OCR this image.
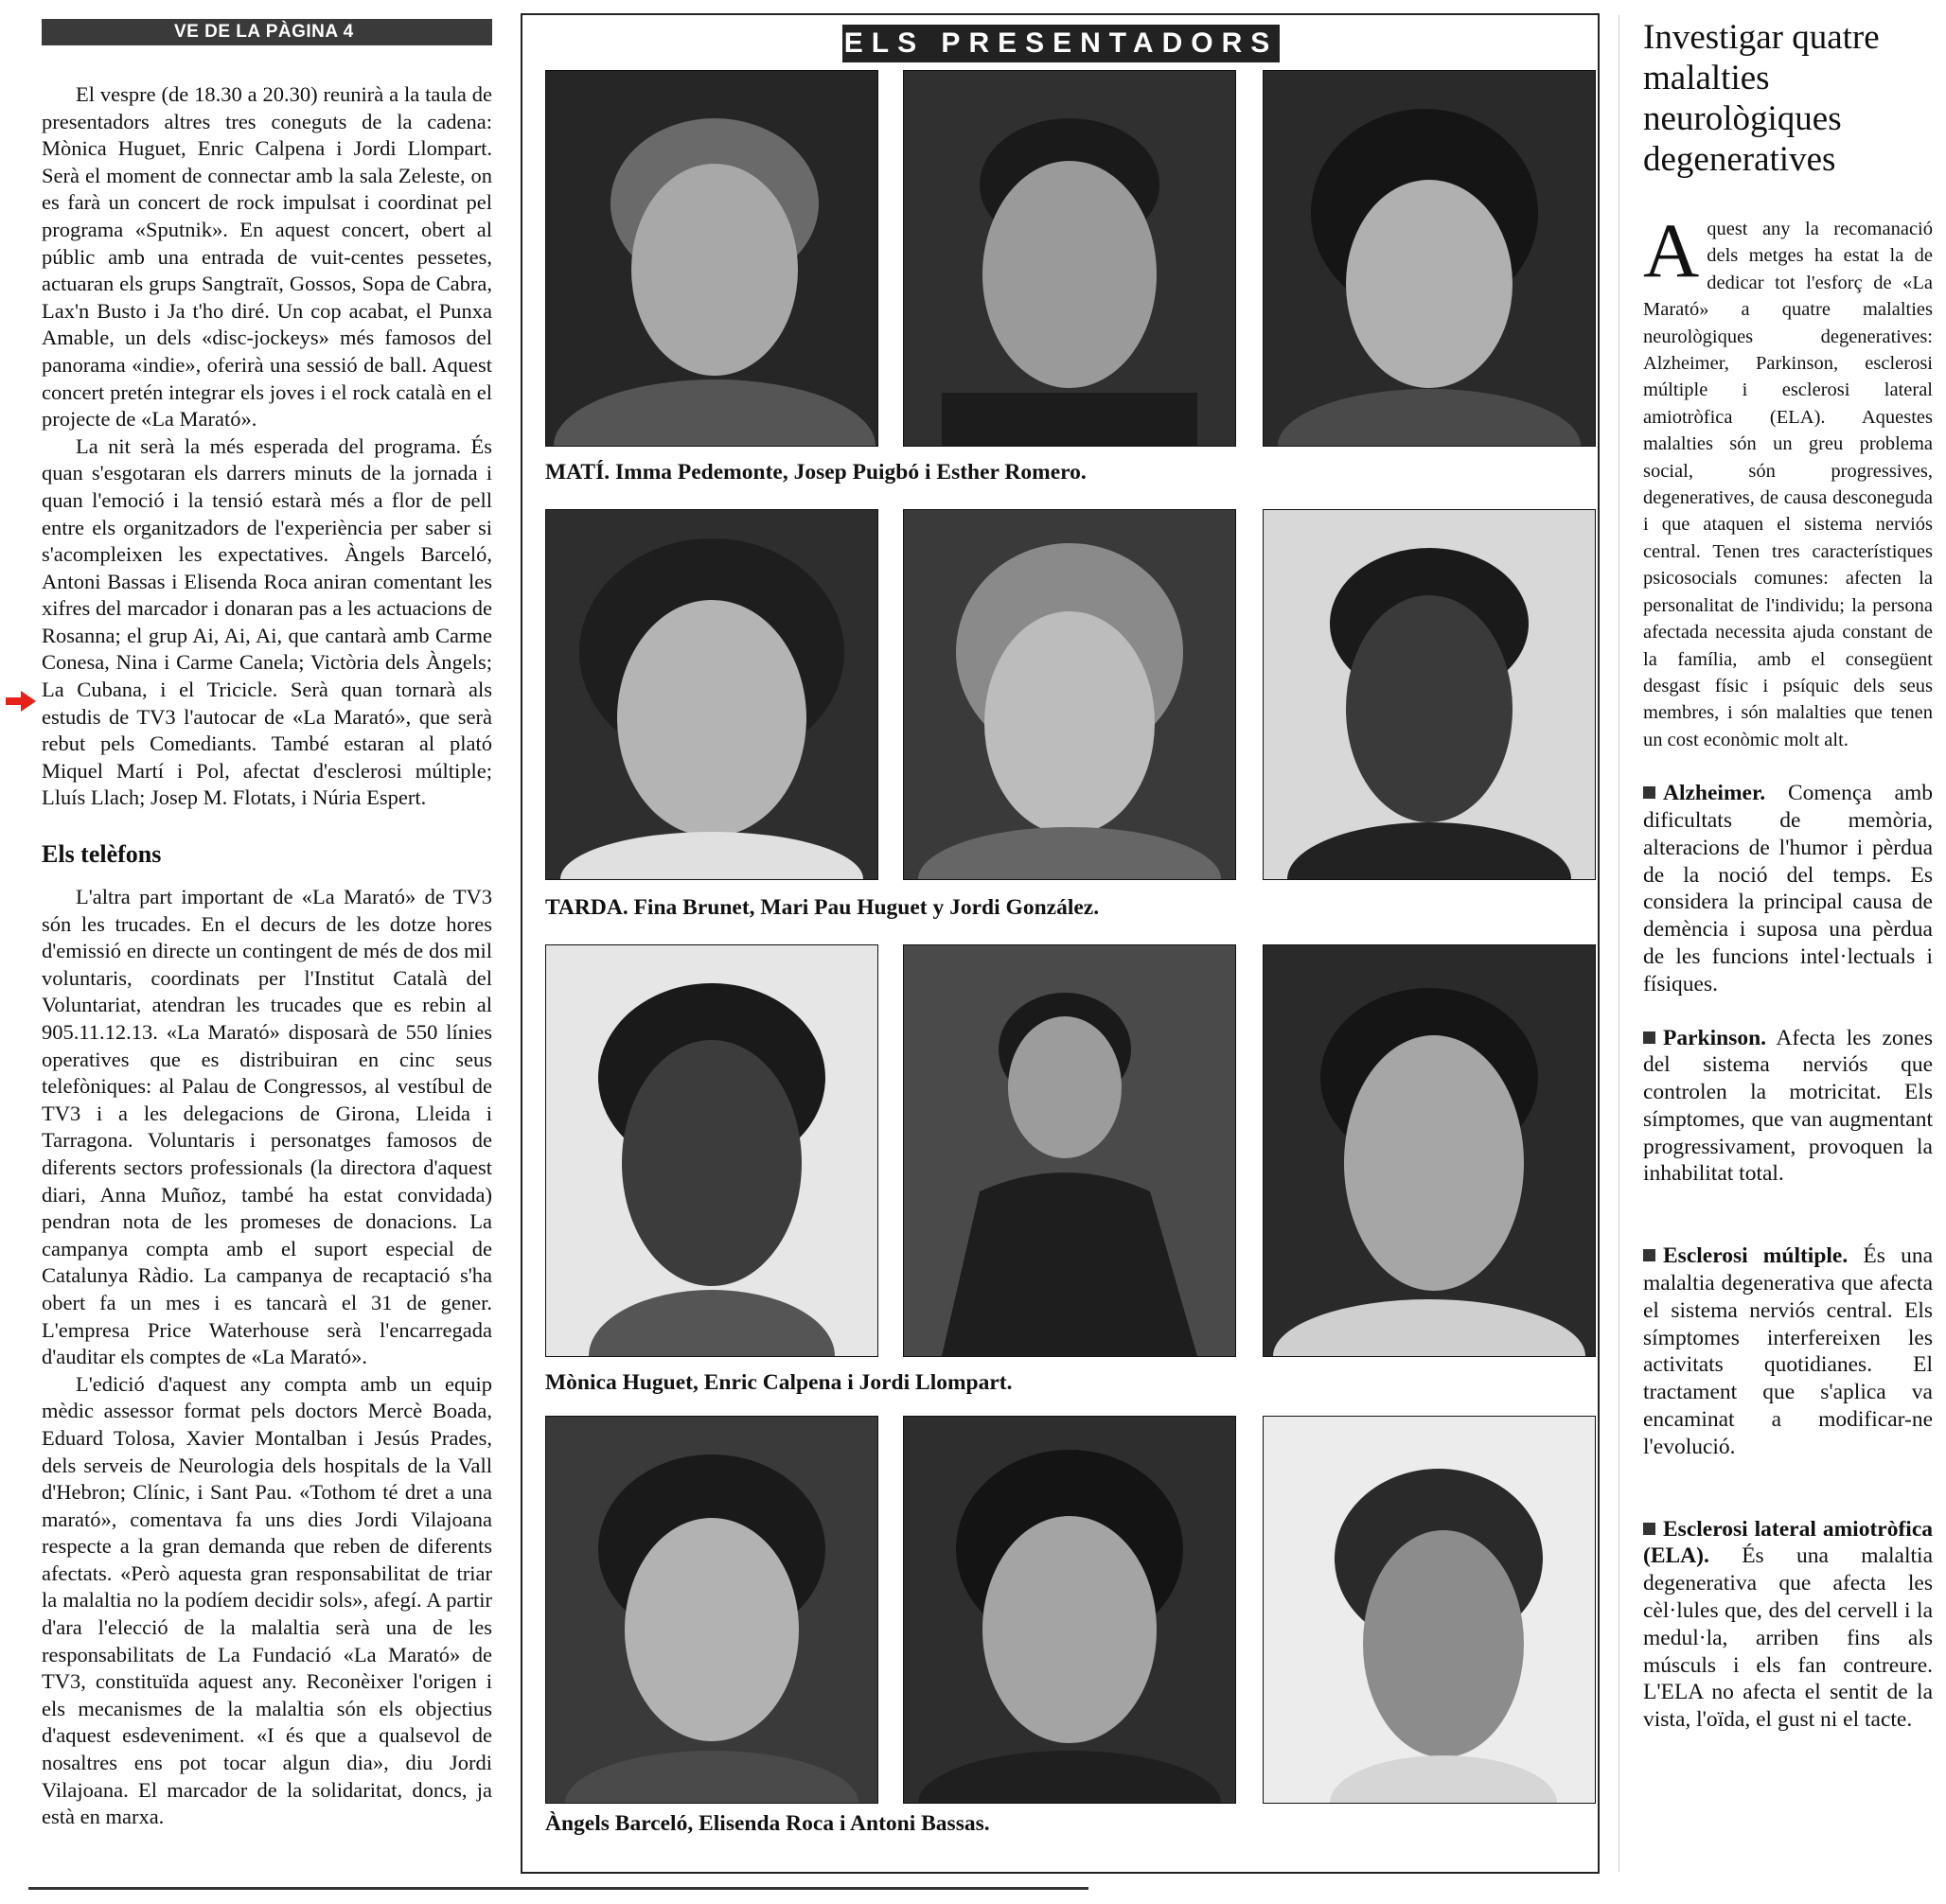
VE DE LA PÀGINA 4

El vespre (de 18.30 a 20.30) reunirà a la taula de presentadors altres tres coneguts de la cadena: Mònica Huguet, Enric Calpena i Jordi Llompart. Serà el moment de connectar amb la sala Zeleste, on es farà un concert de rock impulsat i coordinat pel programa «Sputnik». En aquest concert, obert al públic amb una entrada de vuit-centes pessetes, actuaran els grups Sangtraït, Gossos, Sopa de Cabra, Lax'n Busto i Ja t'ho diré. Un cop acabat, el Punxa Amable, un dels «disc-jockeys» més famosos del panorama «indie», oferirà una sessió de ball. Aquest concert pretén integrar els joves i el rock català en el projecte de «La Marató».

La nit serà la més esperada del programa. És quan s'esgotaran els darrers minuts de la jornada i quan l'emoció i la tensió estarà més a flor de pell entre els organitzadors de l'experiència per saber si s'acompleixen les expectatives. Àngels Barceló, Antoni Bassas i Elisenda Roca aniran comentant les xifres del marcador i donaran pas a les actuacions de Rosanna; el grup Ai, Ai, Ai, que cantarà amb Carme Conesa, Nina i Carme Canela; Victòria dels Àngels; La Cubana, i el Tricicle. Serà quan tornarà als estudis de TV3 l'autocar de «La Marató», que serà rebut pels Comediants. També estaran al plató Miquel Martí i Pol, afectat d'esclerosi múltiple; Lluís Llach; Josep M. Flotats, i Núria Espert.

Els telèfons

L'altra part important de «La Marató» de TV3 són les trucades. En el decurs de les dotze hores d'emissió en directe un contingent de més de dos mil voluntaris, coordinats per l'Institut Català del Voluntariat, atendran les trucades que es rebin al 905.11.12.13. «La Marató» disposarà de 550 línies operatives que es distribuiran en cinc seus telefòniques: al Palau de Congressos, al vestíbul de TV3 i a les delegacions de Girona, Lleida i Tarragona. Voluntaris i personatges famosos de diferents sectors professionals (la directora d'aquest diari, Anna Muñoz, també ha estat convidada) pendran nota de les promeses de donacions. La campanya compta amb el suport especial de Catalunya Ràdio. La campanya de recaptació s'ha obert fa un mes i es tancarà el 31 de gener. L'empresa Price Waterhouse serà l'encarregada d'auditar els comptes de «La Marató».

L'edició d'aquest any compta amb un equip mèdic assessor format pels doctors Mercè Boada, Eduard Tolosa, Xavier Montalban i Jesús Prades, dels serveis de Neurologia dels hospitals de la Vall d'Hebron; Clínic, i Sant Pau. «Tothom té dret a una marató», comentava fa uns dies Jordi Vilajoana respecte a la gran demanda que reben de diferents afectats. «Però aquesta gran responsabilitat de triar la malaltia no la podíem decidir sols», afegí. A partir d'ara l'elecció de la malaltia serà una de les responsabilitats de La Fundació «La Marató» de TV3, constituïda aquest any. Reconèixer l'origen i els mecanismes de la malaltia són els objectius d'aquest esdeveniment. «I és que a qualsevol de nosaltres ens pot tocar algun dia», diu Jordi Vilajoana. El marcador de la solidaritat, doncs, ja està en marxa.

ELS PRESENTADORS
MATÍ. Imma Pedemonte, Josep Puigbó i Esther Romero.
TARDA. Fina Brunet, Mari Pau Huguet y Jordi González.
Mònica Huguet, Enric Calpena i Jordi Llompart.
Àngels Barceló, Elisenda Roca i Antoni Bassas.
Investigar quatre malalties neurològiques degeneratives

Aquest any la recomanació dels metges ha estat la de dedicar tot l'esforç de «La Marató» a quatre malalties neurològiques degeneratives: Alzheimer, Parkinson, esclerosi múltiple i esclerosi lateral amiotròfica (ELA). Aquestes malalties són un greu problema social, són progressives, degeneratives, de causa desconeguda i que ataquen el sistema nerviós central. Tenen tres característiques psicosocials comunes: afecten la personalitat de l'individu; la persona afectada necessita ajuda constant de la família, amb el consegüent desgast físic i psíquic dels seus membres, i són malalties que tenen un cost econòmic molt alt.

Alzheimer. Comença amb dificultats de memòria, alteracions de l'humor i pèrdua de la noció del temps. Es considera la principal causa de demència i suposa una pèrdua de les funcions intel·lectuals i físiques.

Parkinson. Afecta les zones del sistema nerviós que controlen la motricitat. Els símptomes, que van augmentant progressivament, provoquen la inhabilitat total.

Esclerosi múltiple. És una malaltia degenerativa que afecta el sistema nerviós central. Els símptomes interfereixen les activitats quotidianes. El tractament que s'aplica va encaminat a modificar-ne l'evolució.

Esclerosi lateral amiotròfica (ELA). És una malaltia degenerativa que afecta les cèl·lules que, des del cervell i la medul·la, arriben fins als músculs i els fan contreure. L'ELA no afecta el sentit de la vista, l'oïda, el gust ni el tacte.
